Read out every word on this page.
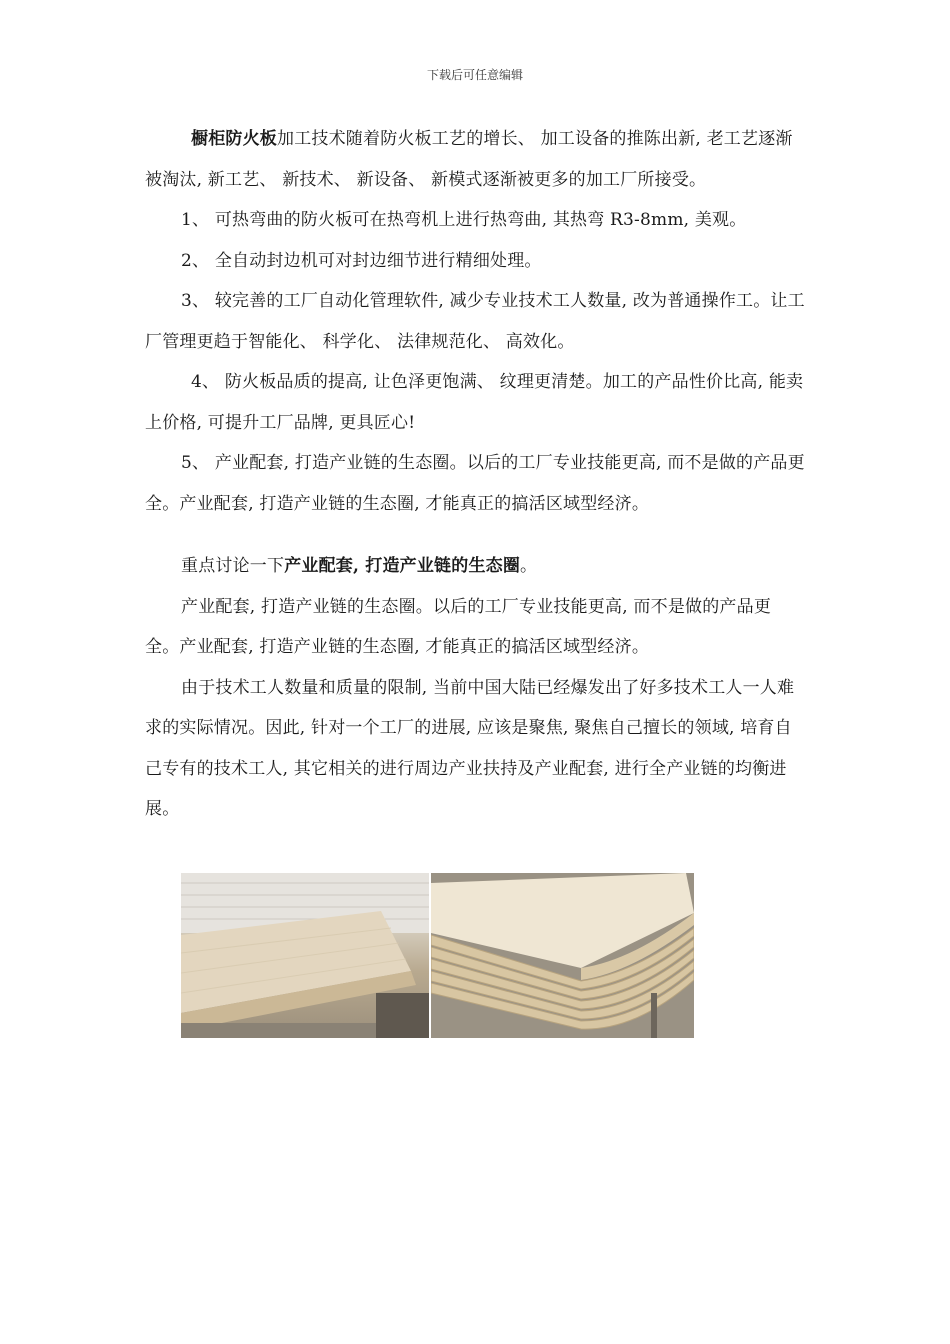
下载后可任意编辑

橱柜防火板加工技术随着防火板工艺的增长、 加工设备的推陈出新, 老工艺逐渐被淘汰, 新工艺、 新技术、 新设备、 新模式逐渐被更多的加工厂所接受。

1、 可热弯曲的防火板可在热弯机上进行热弯曲, 其热弯 R3-8mm, 美观。

2、 全自动封边机可对封边细节进行精细处理。

3、 较完善的工厂自动化管理软件, 减少专业技术工人数量, 改为普通操作工。让工厂管理更趋于智能化、 科学化、 法律规范化、 高效化。

4、 防火板品质的提高, 让色泽更饱满、 纹理更清楚。加工的产品性价比高, 能卖上价格, 可提升工厂品牌, 更具匠心!

5、 产业配套, 打造产业链的生态圈。以后的工厂专业技能更高, 而不是做的产品更全。产业配套, 打造产业链的生态圈, 才能真正的搞活区域型经济。

重点讨论一下产业配套, 打造产业链的生态圈。

产业配套, 打造产业链的生态圈。以后的工厂专业技能更高, 而不是做的产品更全。产业配套, 打造产业链的生态圈, 才能真正的搞活区域型经济。

由于技术工人数量和质量的限制, 当前中国大陆已经爆发出了好多技术工人一人难求的实际情况。因此, 针对一个工厂的进展, 应该是聚焦, 聚焦自己擅长的领域, 培育自己专有的技术工人, 其它相关的进行周边产业扶持及产业配套, 进行全产业链的均衡进展。
